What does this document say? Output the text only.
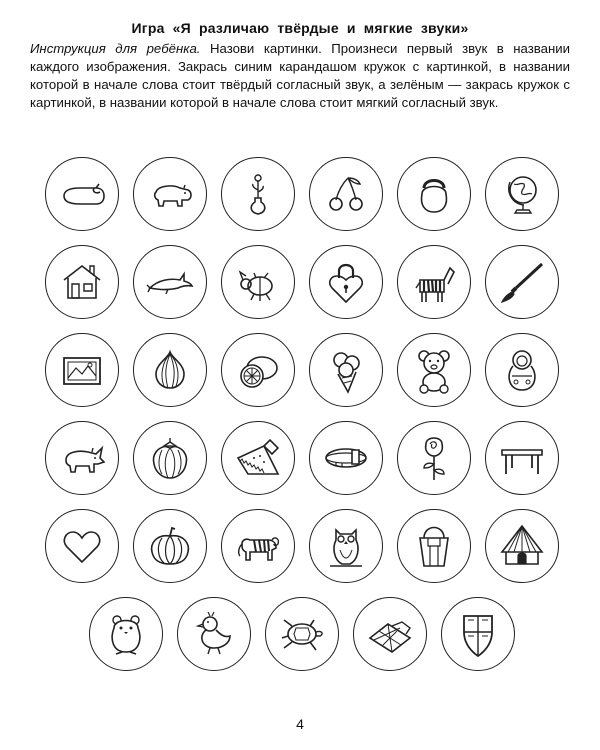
Игра «Я различаю твёрдые и мягкие звуки»
Инструкция для ребёнка. Назови картинки. Произнеси первый звук в названии каждого изображения. Закрась синим карандашом кружок с картинкой, в названии которой в начале слова стоит твёрдый согласный звук, а зелёным — закрась кружок с картинкой, в названии которой в начале слова стоит мягкий согласный звук.
4
